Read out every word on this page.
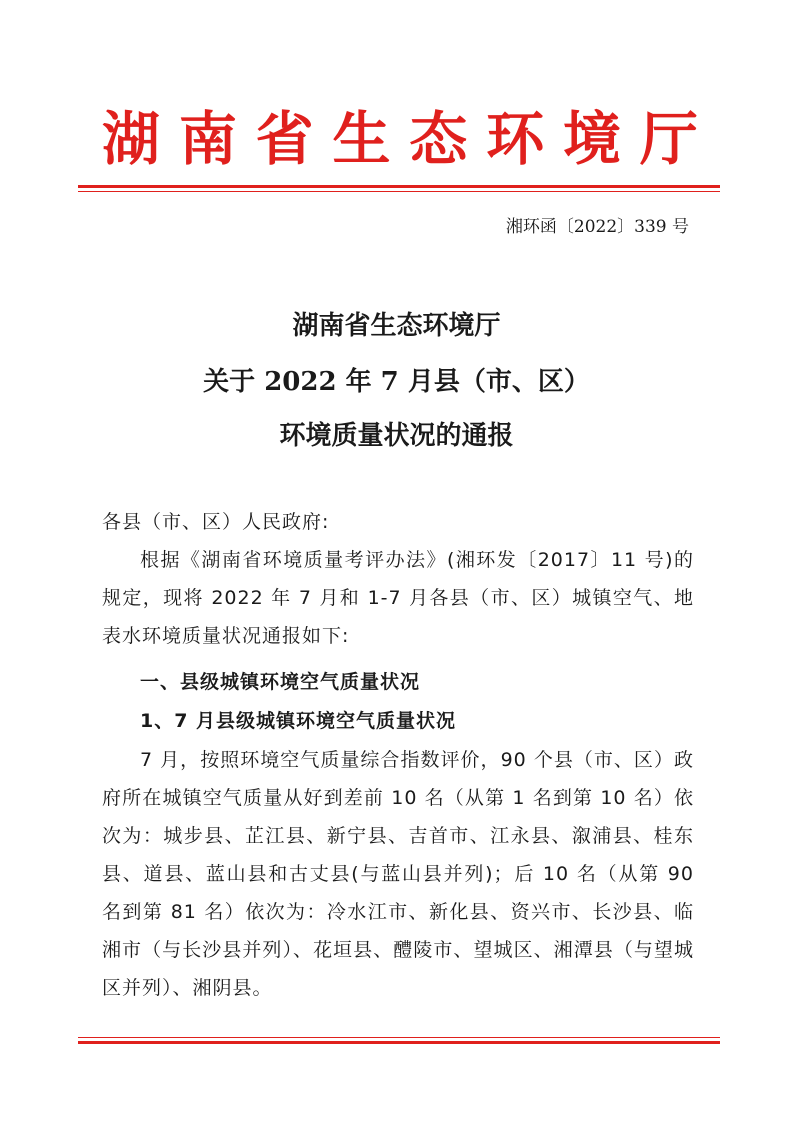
湖 南 省 生 态 环 境 厅
湘环函〔2022〕339 号
湖南省生态环境厅
关于 2022 年 7 月县（市、区）
环境质量状况的通报
各县（市、区）人民政府:
根据《湖南省环境质量考评办法》(湘环发〔2017〕11 号)的规定，现将 2022 年 7 月和 1-7 月各县（市、区）城镇空气、地表水环境质量状况通报如下:
一、县级城镇环境空气质量状况
1、7 月县级城镇环境空气质量状况
7 月，按照环境空气质量综合指数评价，90 个县（市、区）政府所在城镇空气质量从好到差前 10 名（从第 1 名到第 10 名）依次为：城步县、芷江县、新宁县、吉首市、江永县、溆浦县、桂东县、道县、蓝山县和古丈县(与蓝山县并列)；后 10 名（从第 90 名到第 81 名）依次为：冷水江市、新化县、资兴市、长沙县、临湘市（与长沙县并列）、花垣县、醴陵市、望城区、湘潭县（与望城区并列）、湘阴县。
